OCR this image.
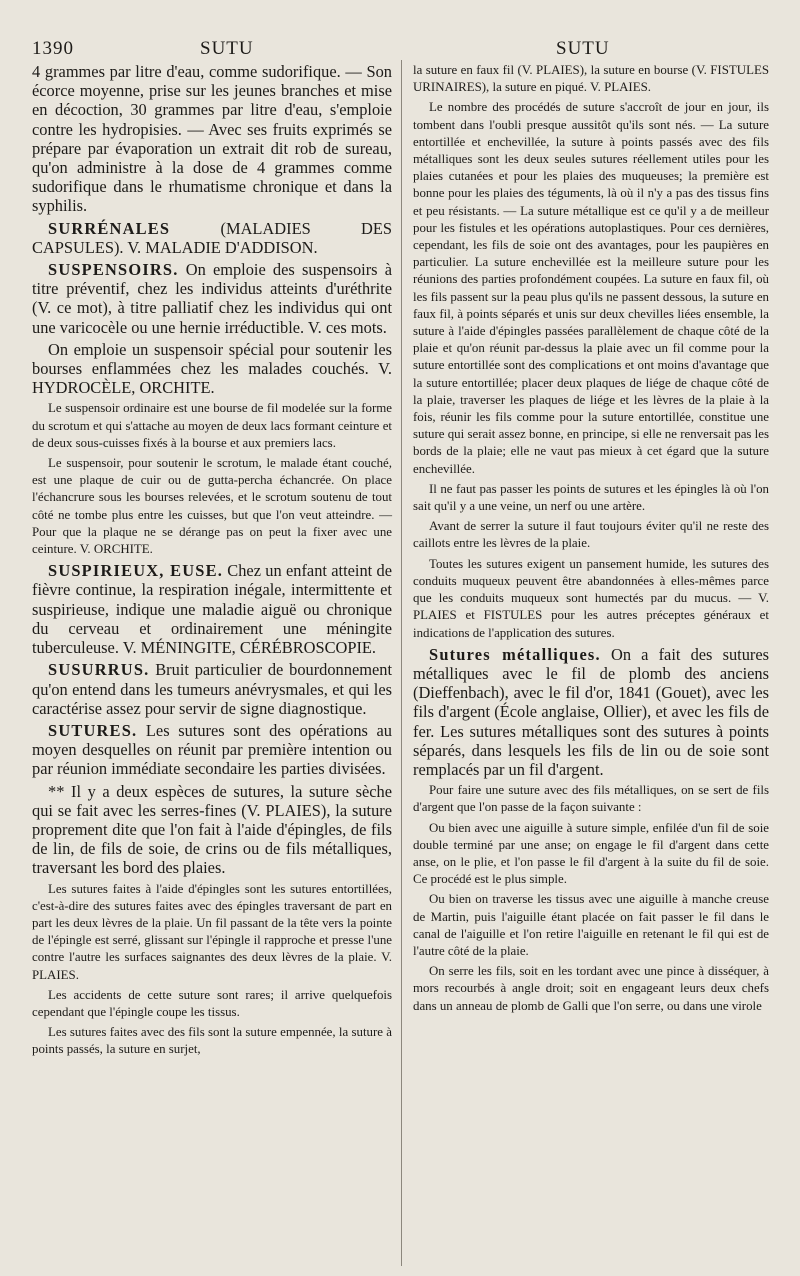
1390	SUTU	SUTU

4 grammes par litre d'eau, comme sudorifique. — Son écorce moyenne, prise sur les jeunes branches et mise en décoction, 30 grammes par litre d'eau, s'emploie contre les hydropisies. — Avec ses fruits exprimés se prépare par évaporation un extrait dit rob de sureau, qu'on administre à la dose de 4 grammes comme sudorifique dans le rhumatisme chronique et dans la syphilis.

SURRÉNALES (MALADIES DES CAPSULES). V. MALADIE D'ADDISON.

SUSPENSOIRS. On emploie des suspensoirs à titre préventif, chez les individus atteints d'uréthrite (V. ce mot), à titre palliatif chez les individus qui ont une varicocèle ou une hernie irréductible. V. ces mots.

On emploie un suspensoir spécial pour soutenir les bourses enflammées chez les malades couchés. V. HYDROCÈLE, ORCHITE.

Le suspensoir ordinaire est une bourse de fil modelée sur la forme du scrotum et qui s'attache au moyen de deux lacs formant ceinture et de deux sous-cuisses fixés à la bourse et aux premiers lacs.

Le suspensoir, pour soutenir le scrotum, le malade étant couché, est une plaque de cuir ou de gutta-percha échancrée. On place l'échancrure sous les bourses relevées, et le scrotum soutenu de tout côté ne tombe plus entre les cuisses, but que l'on veut atteindre. — Pour que la plaque ne se dérange pas on peut la fixer avec une ceinture. V. ORCHITE.

SUSPIRIEUX, EUSE. Chez un enfant atteint de fièvre continue, la respiration inégale, intermittente et suspirieuse, indique une maladie aiguë ou chronique du cerveau et ordinairement une méningite tuberculeuse. V. MÉNINGITE, CÉRÉBROSCOPIE.

SUSURRUS. Bruit particulier de bourdonnement qu'on entend dans les tumeurs anévrysmales, et qui les caractérise assez pour servir de signe diagnostique.

SUTURES. Les sutures sont des opérations au moyen desquelles on réunit par première intention ou par réunion immédiate secondaire les parties divisées.

** Il y a deux espèces de sutures, la suture sèche qui se fait avec les serres-fines (V. PLAIES), la suture proprement dite que l'on fait à l'aide d'épingles, de fils de lin, de fils de soie, de crins ou de fils métalliques, traversant les bord des plaies.

Les sutures faites à l'aide d'épingles sont les sutures entortillées, c'est-à-dire des sutures faites avec des épingles traversant de part en part les deux lèvres de la plaie. Un fil passant de la tête vers la pointe de l'épingle est serré, glissant sur l'épingle il rapproche et presse l'une contre l'autre les surfaces saignantes des deux lèvres de la plaie. V. PLAIES.

Les accidents de cette suture sont rares; il arrive quelquefois cependant que l'épingle coupe les tissus.

Les sutures faites avec des fils sont la suture empennée, la suture à points passés, la suture en surjet,

la suture en faux fil (V. PLAIES), la suture en bourse (V. FISTULES URINAIRES), la suture en piqué. V. PLAIES.

Le nombre des procédés de suture s'accroît de jour en jour, ils tombent dans l'oubli presque aussitôt qu'ils sont nés. — La suture entortillée et enchevillée, la suture à points passés avec des fils métalliques sont les deux seules sutures réellement utiles pour les plaies cutanées et pour les plaies des muqueuses; la première est bonne pour les plaies des téguments, là où il n'y a pas des tissus fins et peu résistants. — La suture métallique est ce qu'il y a de meilleur pour les fistules et les opérations autoplastiques. Pour ces dernières, cependant, les fils de soie ont des avantages, pour les paupières en particulier. La suture enchevillée est la meilleure suture pour les réunions des parties profondément coupées. La suture en faux fil, où les fils passent sur la peau plus qu'ils ne passent dessous, la suture en faux fil, à points séparés et unis sur deux chevilles liées ensemble, la suture à l'aide d'épingles passées parallèlement de chaque côté de la plaie et qu'on réunit par-dessus la plaie avec un fil comme pour la suture entortillée sont des complications et ont moins d'avantage que la suture entortillée; placer deux plaques de liége de chaque côté de la plaie, traverser les plaques de liége et les lèvres de la plaie à la fois, réunir les fils comme pour la suture entortillée, constitue une suture qui serait assez bonne, en principe, si elle ne renversait pas les bords de la plaie; elle ne vaut pas mieux à cet égard que la suture enchevillée.

Il ne faut pas passer les points de sutures et les épingles là où l'on sait qu'il y a une veine, un nerf ou une artère.

Avant de serrer la suture il faut toujours éviter qu'il ne reste des caillots entre les lèvres de la plaie.

Toutes les sutures exigent un pansement humide, les sutures des conduits muqueux peuvent être abandonnées à elles-mêmes parce que les conduits muqueux sont humectés par du mucus. — V. PLAIES et FISTULES pour les autres préceptes généraux et indications de l'application des sutures.

Sutures métalliques. On a fait des sutures métalliques avec le fil de plomb des anciens (Dieffenbach), avec le fil d'or, 1841 (Gouet), avec les fils d'argent (École anglaise, Ollier), et avec les fils de fer. Les sutures métalliques sont des sutures à points séparés, dans lesquels les fils de lin ou de soie sont remplacés par un fil d'argent.

Pour faire une suture avec des fils métalliques, on se sert de fils d'argent que l'on passe de la façon suivante :

Ou bien avec une aiguille à suture simple, enfilée d'un fil de soie double terminé par une anse; on engage le fil d'argent dans cette anse, on le plie, et l'on passe le fil d'argent à la suite du fil de soie. Ce procédé est le plus simple.

Ou bien on traverse les tissus avec une aiguille à manche creuse de Martin, puis l'aiguille étant placée on fait passer le fil dans le canal de l'aiguille et l'on retire l'aiguille en retenant le fil qui est de l'autre côté de la plaie.

On serre les fils, soit en les tordant avec une pince à disséquer, à mors recourbés à angle droit; soit en engageant leurs deux chefs dans un anneau de plomb de Galli que l'on serre, ou dans une virole
